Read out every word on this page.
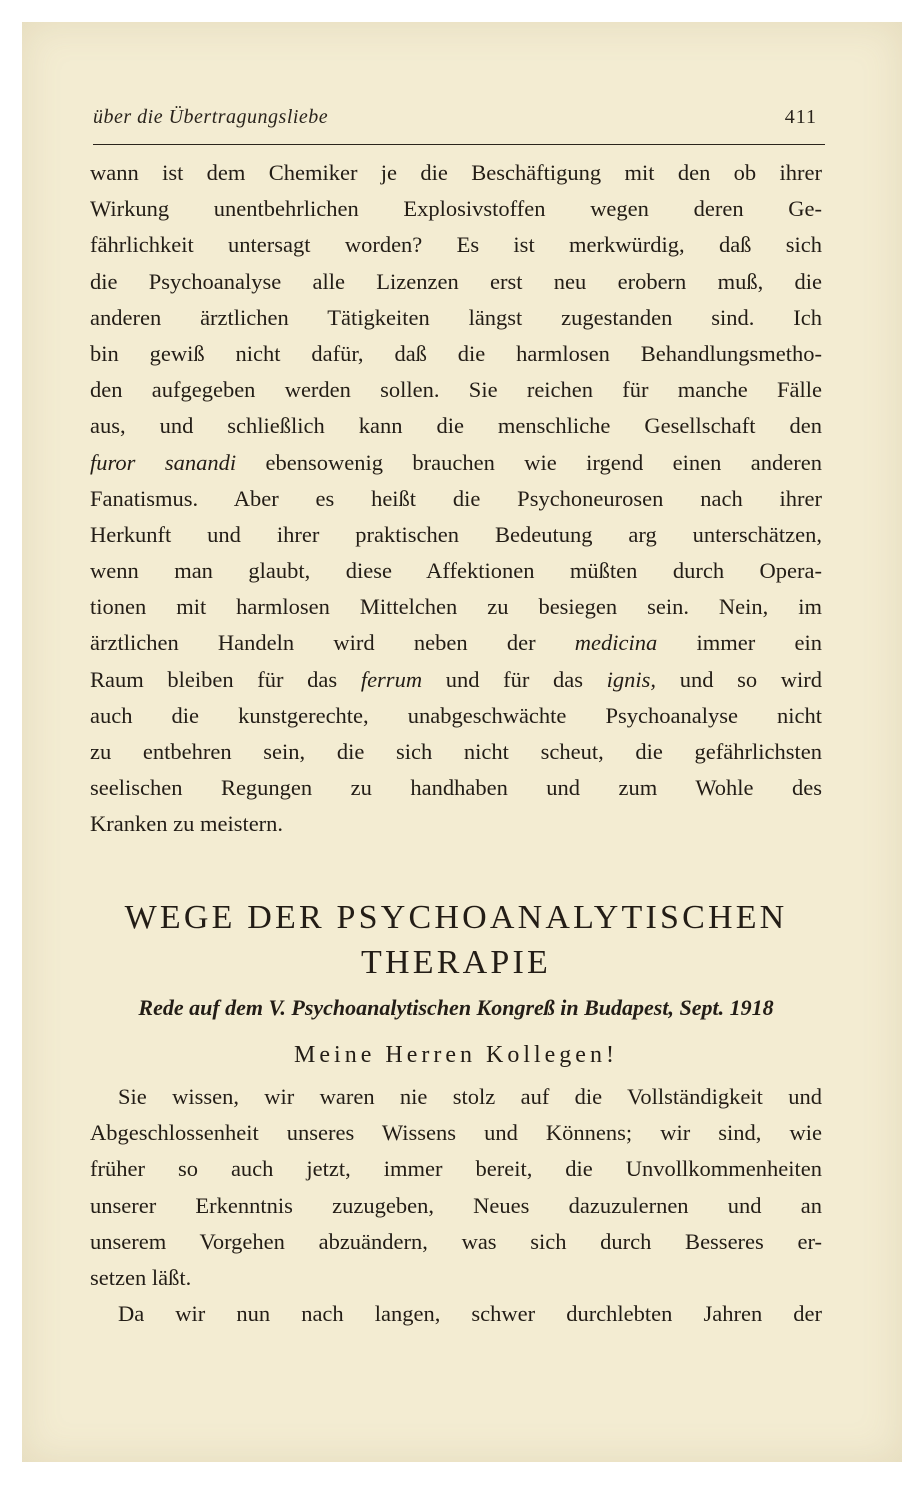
über die Übertragungsliebe	411
wann ist dem Chemiker je die Beschäftigung mit den ob ihrer
Wirkung unentbehrlichen Explosivstoffen wegen deren Ge-
fährlichkeit untersagt worden? Es ist merkwürdig, daß sich
die Psychoanalyse alle Lizenzen erst neu erobern muß, die
anderen ärztlichen Tätigkeiten längst zugestanden sind. Ich
bin gewiß nicht dafür, daß die harmlosen Behandlungsmetho-
den aufgegeben werden sollen. Sie reichen für manche Fälle
aus, und schließlich kann die menschliche Gesellschaft den
furor sanandi ebensowenig brauchen wie irgend einen anderen
Fanatismus. Aber es heißt die Psychoneurosen nach ihrer
Herkunft und ihrer praktischen Bedeutung arg unterschätzen,
wenn man glaubt, diese Affektionen müßten durch Opera-
tionen mit harmlosen Mittelchen zu besiegen sein. Nein, im
ärztlichen Handeln wird neben der medicina immer ein
Raum bleiben für das ferrum und für das ignis, und so wird
auch die kunstgerechte, unabgeschwächte Psychoanalyse nicht
zu entbehren sein, die sich nicht scheut, die gefährlichsten
seelischen Regungen zu handhaben und zum Wohle des
Kranken zu meistern.
WEGE DER PSYCHOANALYTISCHEN
THERAPIE
Rede auf dem V. Psychoanalytischen Kongreß in Budapest, Sept. 1918
Meine Herren Kollegen!
Sie wissen, wir waren nie stolz auf die Vollständigkeit und
Abgeschlossenheit unseres Wissens und Könnens; wir sind, wie
früher so auch jetzt, immer bereit, die Unvollkommenheiten
unserer Erkenntnis zuzugeben, Neues dazuzulernen und an
unserem Vorgehen abzuändern, was sich durch Besseres er-
setzen läßt.
Da wir nun nach langen, schwer durchlebten Jahren der
